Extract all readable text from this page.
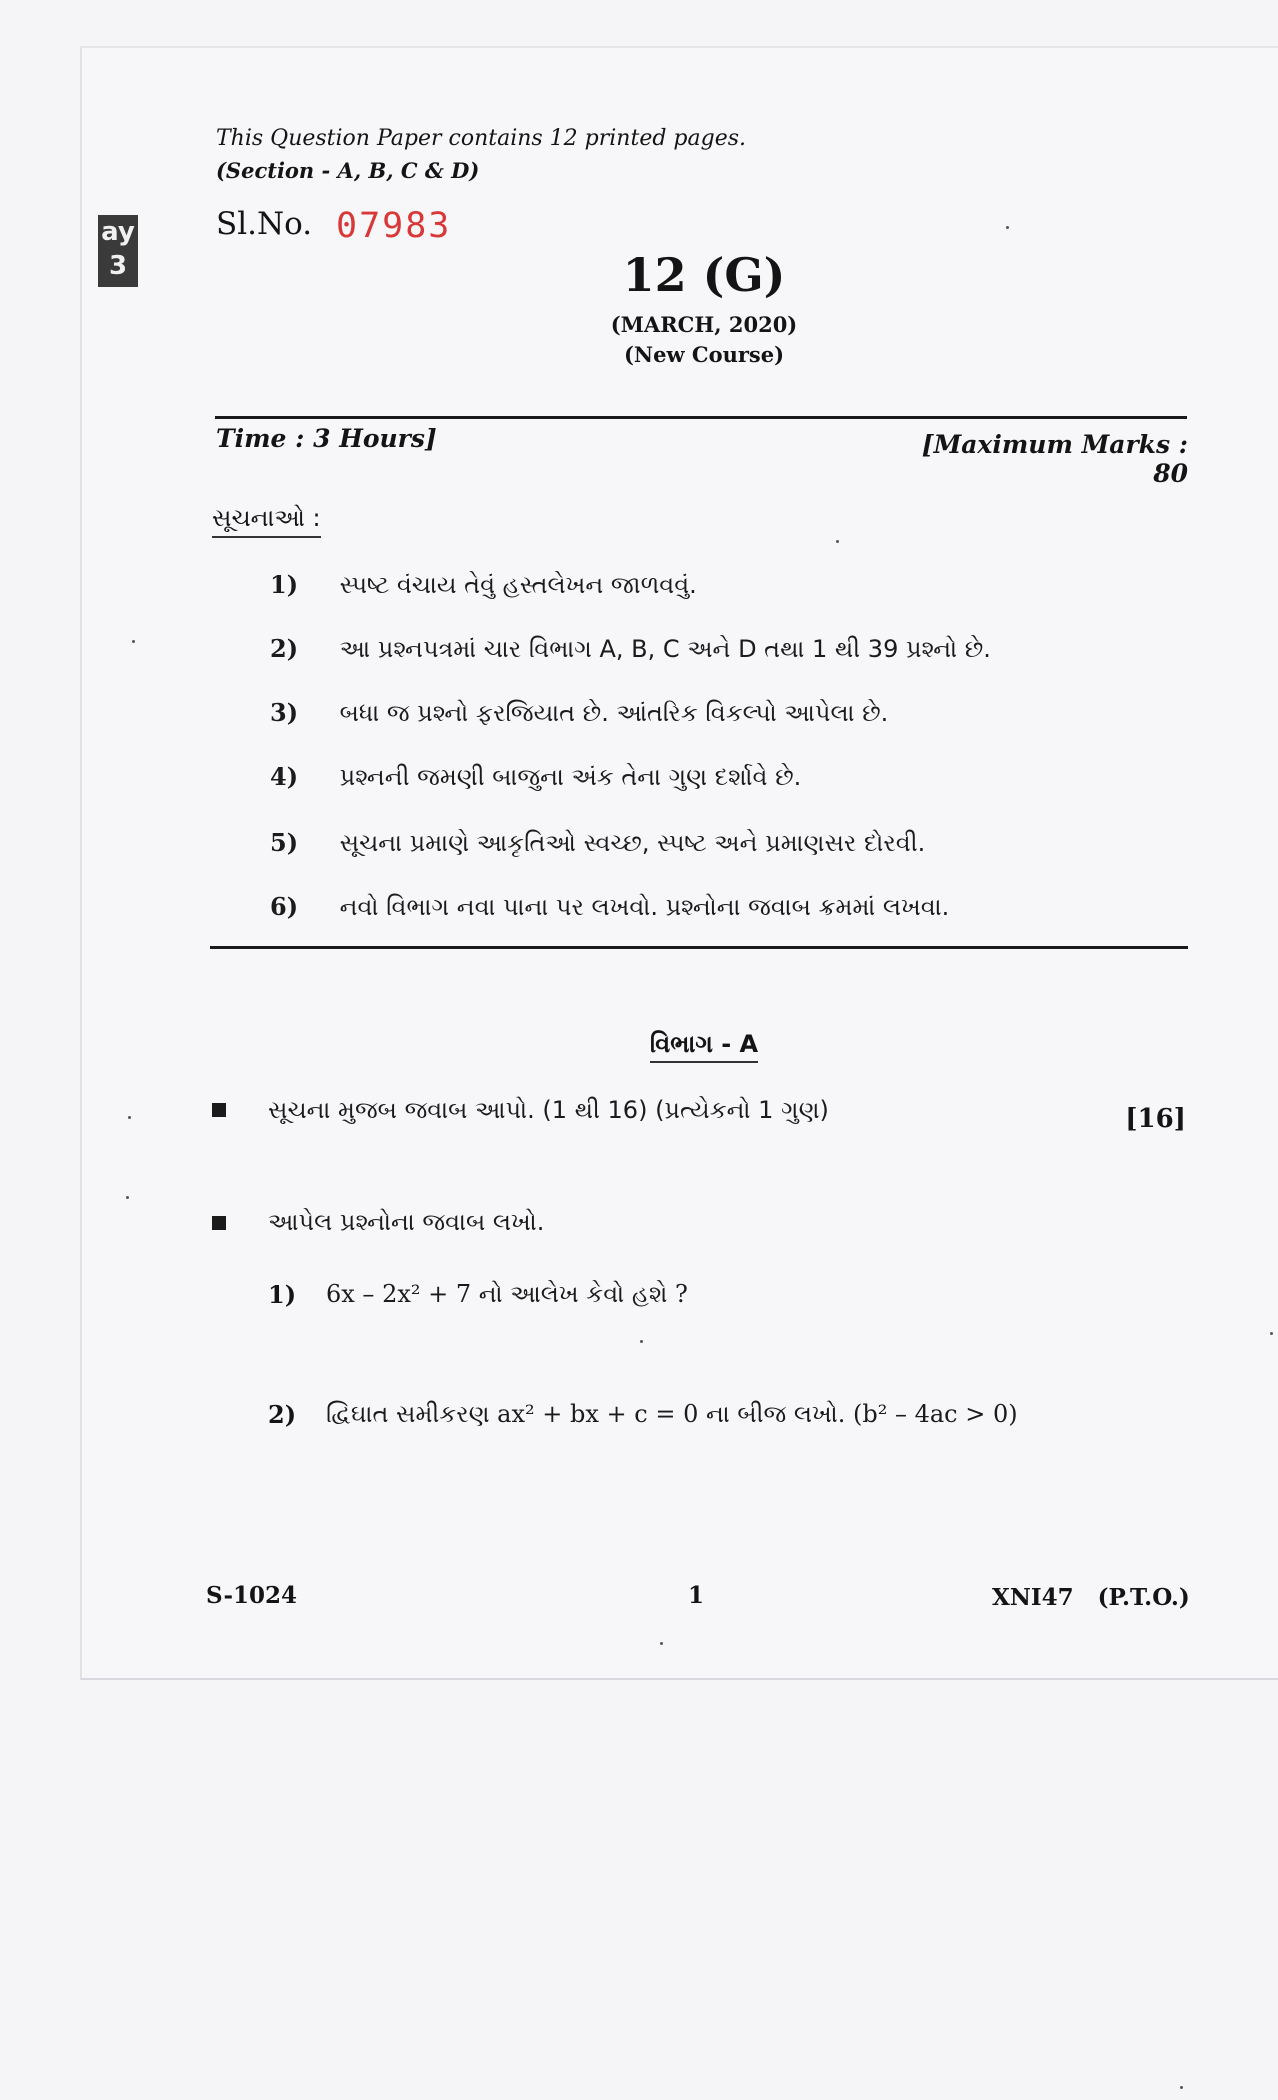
ay
3
This Question Paper contains 12 printed pages.
(Section - A, B, C & D)
Sl.No. 07983
12 (G)
(MARCH, 2020)
(New Course)
Time : 3 Hours]	[Maximum Marks : 80
સૂચનાઓ :
1) સ્પષ્ટ વંચાય તેવું હસ્તલેખન જાળવવું.
2) આ પ્રશ્નપત્રમાં ચાર વિભાગ A, B, C અને D તથા 1 થી 39 પ્રશ્નો છે.
3) બધા જ પ્રશ્નો ફરજિયાત છે. આંતરિક વિકલ્પો આપેલા છે.
4) પ્રશ્નની જમણી બાજુના અંક તેના ગુણ દર્શાવે છે.
5) સૂચના પ્રમાણે આકૃતિઓ સ્વચ્છ, સ્પષ્ટ અને પ્રમાણસર દોરવી.
6) નવો વિભાગ નવા પાના પર લખવો. પ્રશ્નોના જવાબ ક્રમમાં લખવા.
વિભાગ - A
સૂચના મુજબ જવાબ આપો. (1 થી 16) (પ્રત્યેકનો 1 ગુણ)	[16]
આપેલ પ્રશ્નોના જવાબ લખો.
1) 6x – 2x² + 7 નો આલેખ કેવો હશે ?
2) દ્વિઘાત સમીકરણ ax² + bx + c = 0 ના બીજ લખો. (b² – 4ac > 0)
S-1024	1	XNI47 (P.T.O.)
